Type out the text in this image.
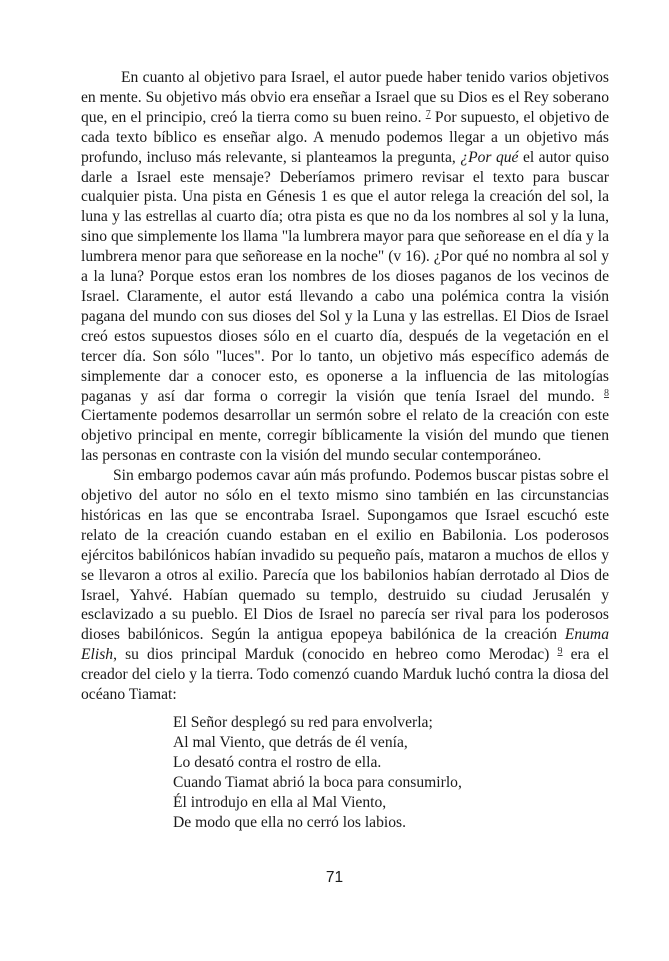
En cuanto al objetivo para Israel, el autor puede haber tenido varios objetivos en mente. Su objetivo más obvio era enseñar a Israel que su Dios es el Rey soberano que, en el principio, creó la tierra como su buen reino. $^7$ Por supuesto, el objetivo de cada texto bíblico es enseñar algo. A menudo podemos llegar a un objetivo más profundo, incluso más relevante, si planteamos la pregunta, ¿Por qué el autor quiso darle a Israel este mensaje? Deberíamos primero revisar el texto para buscar cualquier pista. Una pista en Génesis 1 es que el autor relega la creación del sol, la luna y las estrellas al cuarto día; otra pista es que no da los nombres al sol y la luna, sino que simplemente los llama "la lumbrera mayor para que señorease en el día y la lumbrera menor para que señorease en la noche" (v 16). ¿Por qué no nombra al sol y a la luna? Porque estos eran los nombres de los dioses paganos de los vecinos de Israel. Claramente, el autor está llevando a cabo una polémica contra la visión pagana del mundo con sus dioses del Sol y la Luna y las estrellas. El Dios de Israel creó estos supuestos dioses sólo en el cuarto día, después de la vegetación en el tercer día. Son sólo "luces". Por lo tanto, un objetivo más específico además de simplemente dar a conocer esto, es oponerse a la influencia de las mitologías paganas y así dar forma o corregir la visión que tenía Israel del mundo. $^8$ Ciertamente podemos desarrollar un sermón sobre el relato de la creación con este objetivo principal en mente, corregir bíblicamente la visión del mundo que tienen las personas en contraste con la visión del mundo secular contemporáneo.

Sin embargo podemos cavar aún más profundo. Podemos buscar pistas sobre el objetivo del autor no sólo en el texto mismo sino también en las circunstancias históricas en las que se encontraba Israel. Supongamos que Israel escuchó este relato de la creación cuando estaban en el exilio en Babilonia. Los poderosos ejércitos babilónicos habían invadido su pequeño país, mataron a muchos de ellos y se llevaron a otros al exilio. Parecía que los babilonios habían derrotado al Dios de Israel, Yahvé. Habían quemado su templo, destruido su ciudad Jerusalén y esclavizado a su pueblo. El Dios de Israel no parecía ser rival para los poderosos dioses babilónicos. Según la antigua epopeya babilónica de la creación Enuma Elish, su dios principal Marduk (conocido en hebreo como Merodac) $^9$ era el creador del cielo y la tierra. Todo comenzó cuando Marduk luchó contra la diosa del océano Tiamat:

El Señor desplegó su red para envolverla;
Al mal Viento, que detrás de él venía,
Lo desató contra el rostro de ella.
Cuando Tiamat abrió la boca para consumirlo,
Él introdujo en ella al Mal Viento,
De modo que ella no cerró los labios.
71
